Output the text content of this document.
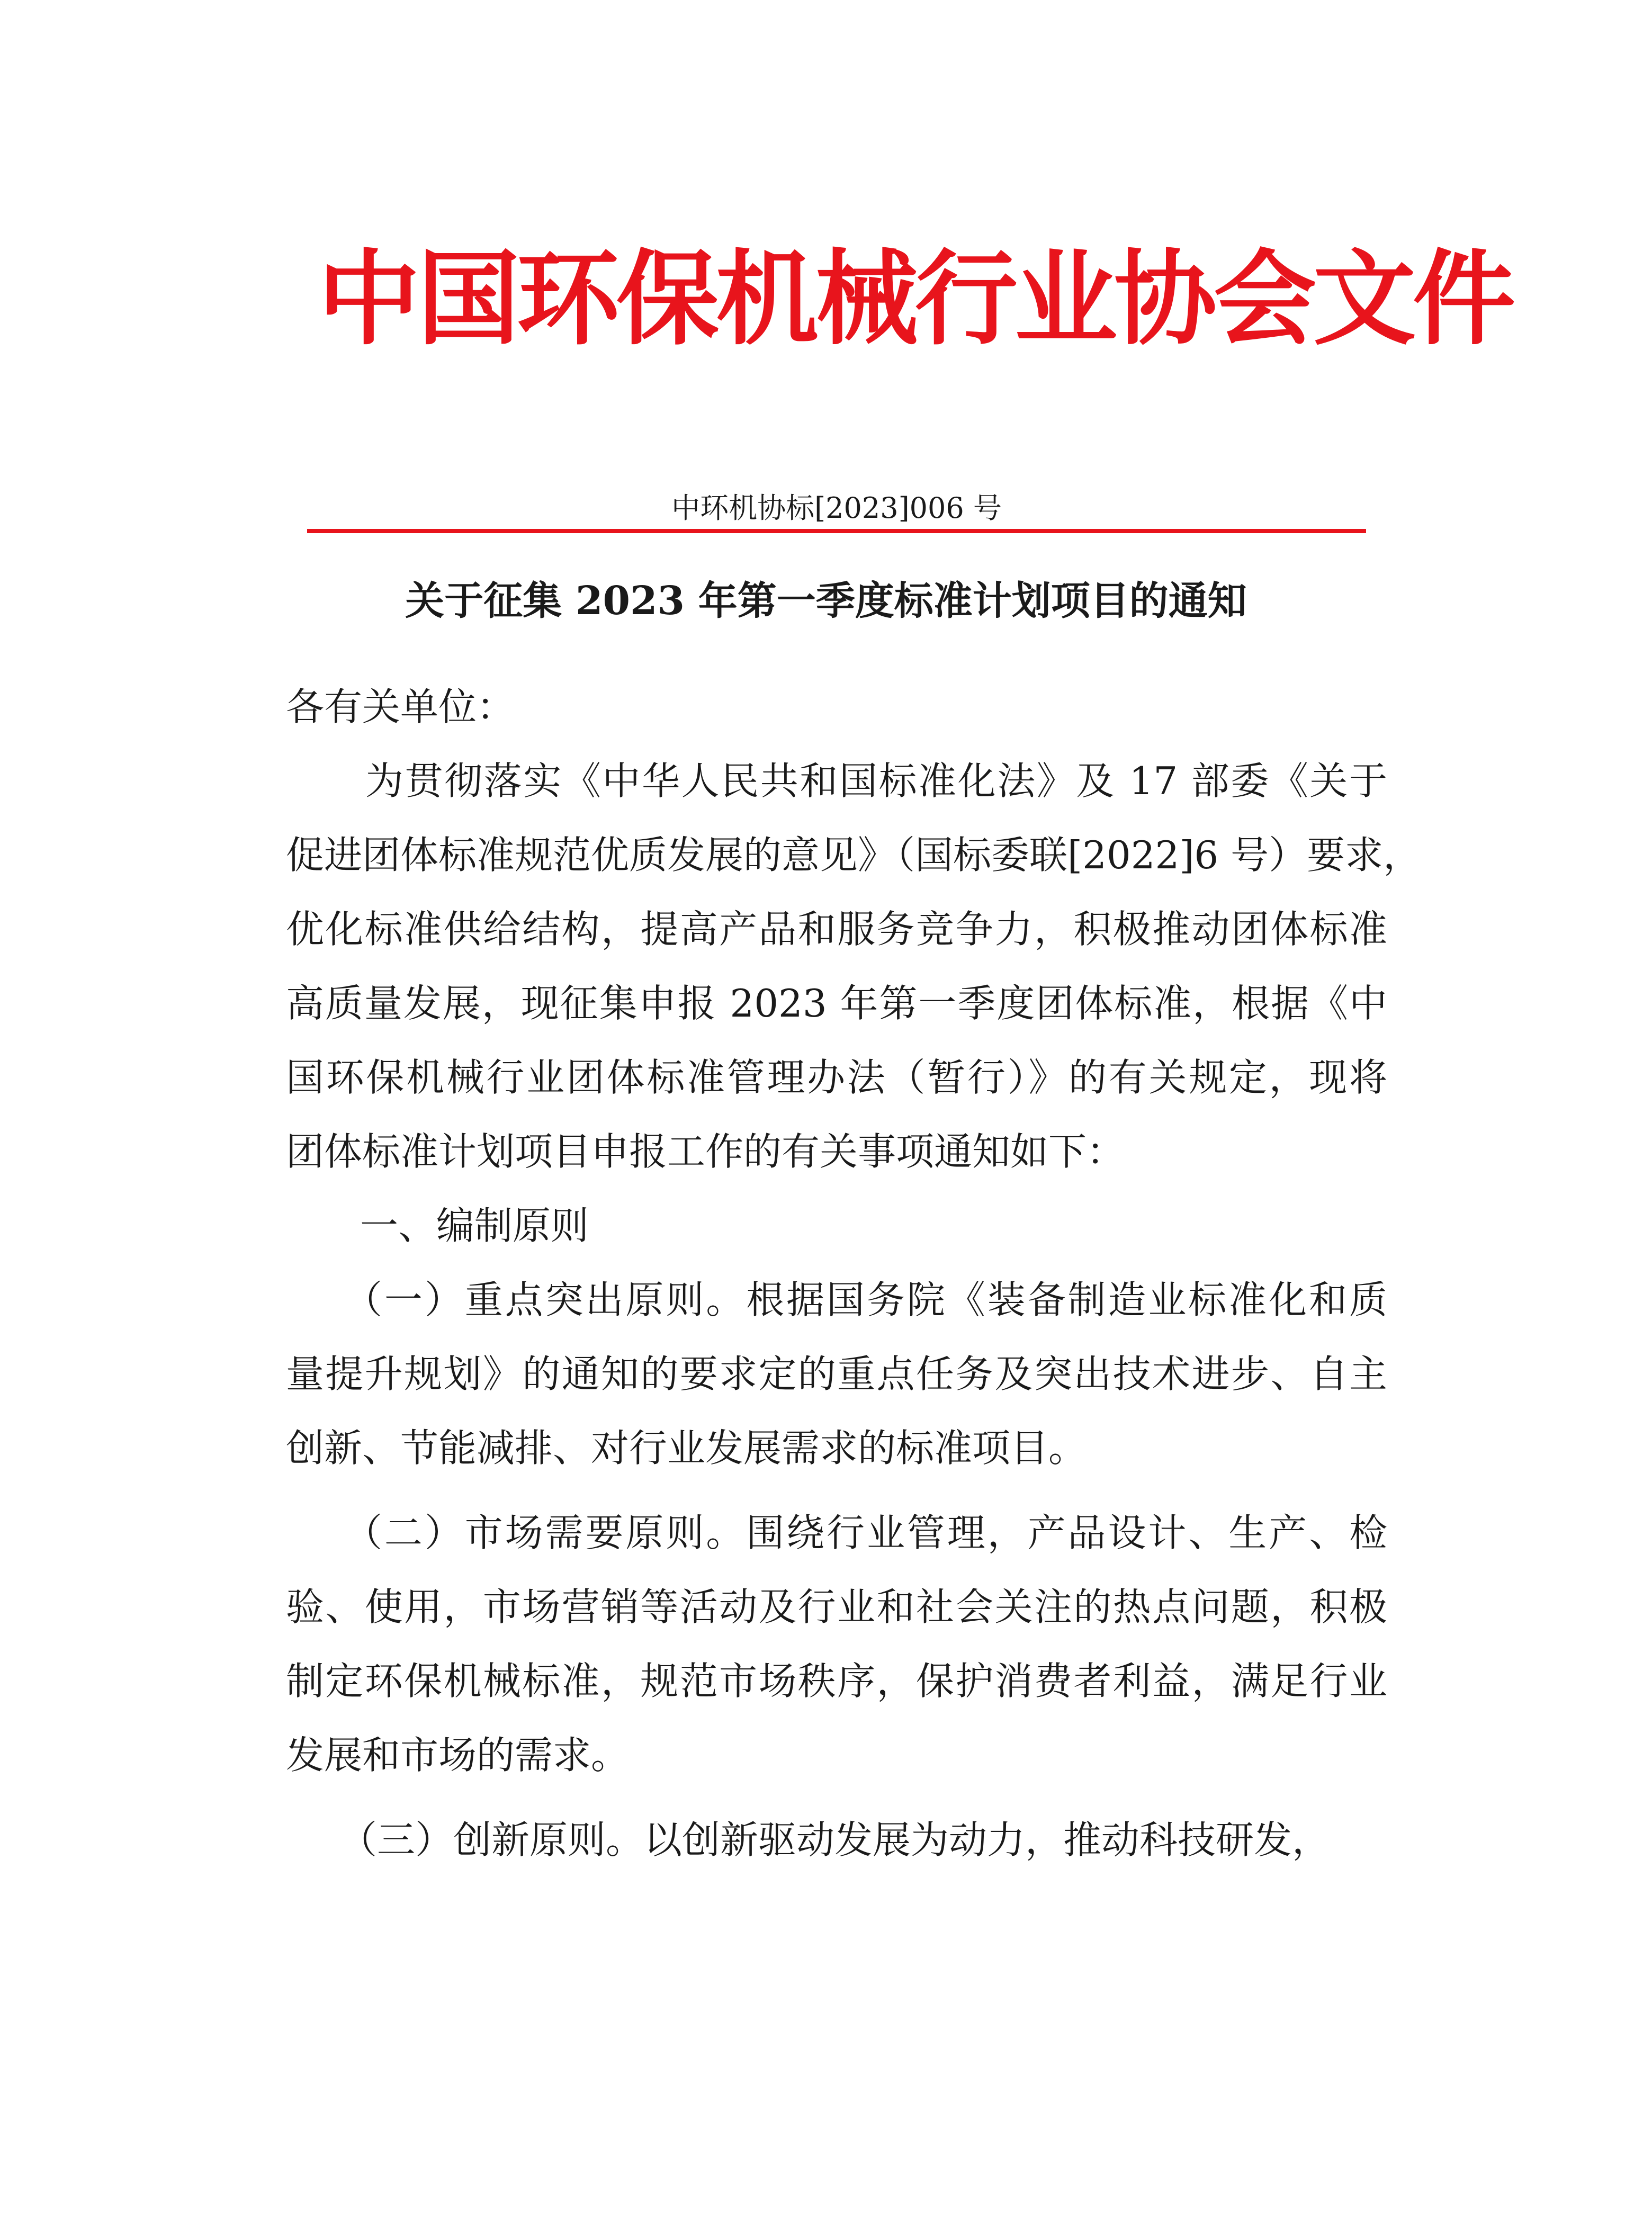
中国环保机械行业协会文件
中环机协标[2023]006 号
关于征集 2023 年第一季度标准计划项目的通知
各有关单位：
为贯彻落实《中华人民共和国标准化法》及 17 部委《关于
促进团体标准规范优质发展的意见》（国标委联[2022]6 号）要求，
优化标准供给结构，提高产品和服务竞争力，积极推动团体标准
高质量发展，现征集申报 2023 年第一季度团体标准，根据《中
国环保机械行业团体标准管理办法（暂行）》的有关规定，现将
团体标准计划项目申报工作的有关事项通知如下：
一、编制原则
（一）重点突出原则。根据国务院《装备制造业标准化和质
量提升规划》的通知的要求定的重点任务及突出技术进步、自主
创新、节能减排、对行业发展需求的标准项目。
（二）市场需要原则。围绕行业管理，产品设计、生产、检
验、使用，市场营销等活动及行业和社会关注的热点问题，积极
制定环保机械标准，规范市场秩序，保护消费者利益，满足行业
发展和市场的需求。
（三）创新原则。以创新驱动发展为动力，推动科技研发，
